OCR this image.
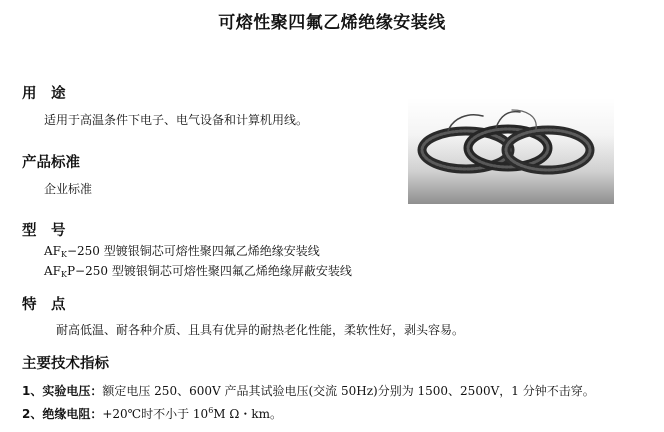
可熔性聚四氟乙烯绝缘安装线
用　途
适用于高温条件下电子、电气设备和计算机用线。
产品标准
企业标准
型　号
$AF_K-250$ 型镀银铜芯可熔性聚四氟乙烯绝缘安装线
$AF_KP-250$ 型镀银铜芯可熔性聚四氟乙烯绝缘屏蔽安装线
特　点
耐高低温、耐各种介质、且具有优异的耐热老化性能，柔软性好，剥头容易。
主要技术指标
1、实验电压：额定电压 250、600V 产品其试验电压(交流 50Hz)分别为 1500、2500V，1 分钟不击穿。
2、绝缘电阻：+20℃时不小于 $10^6M$ Ω・km。
